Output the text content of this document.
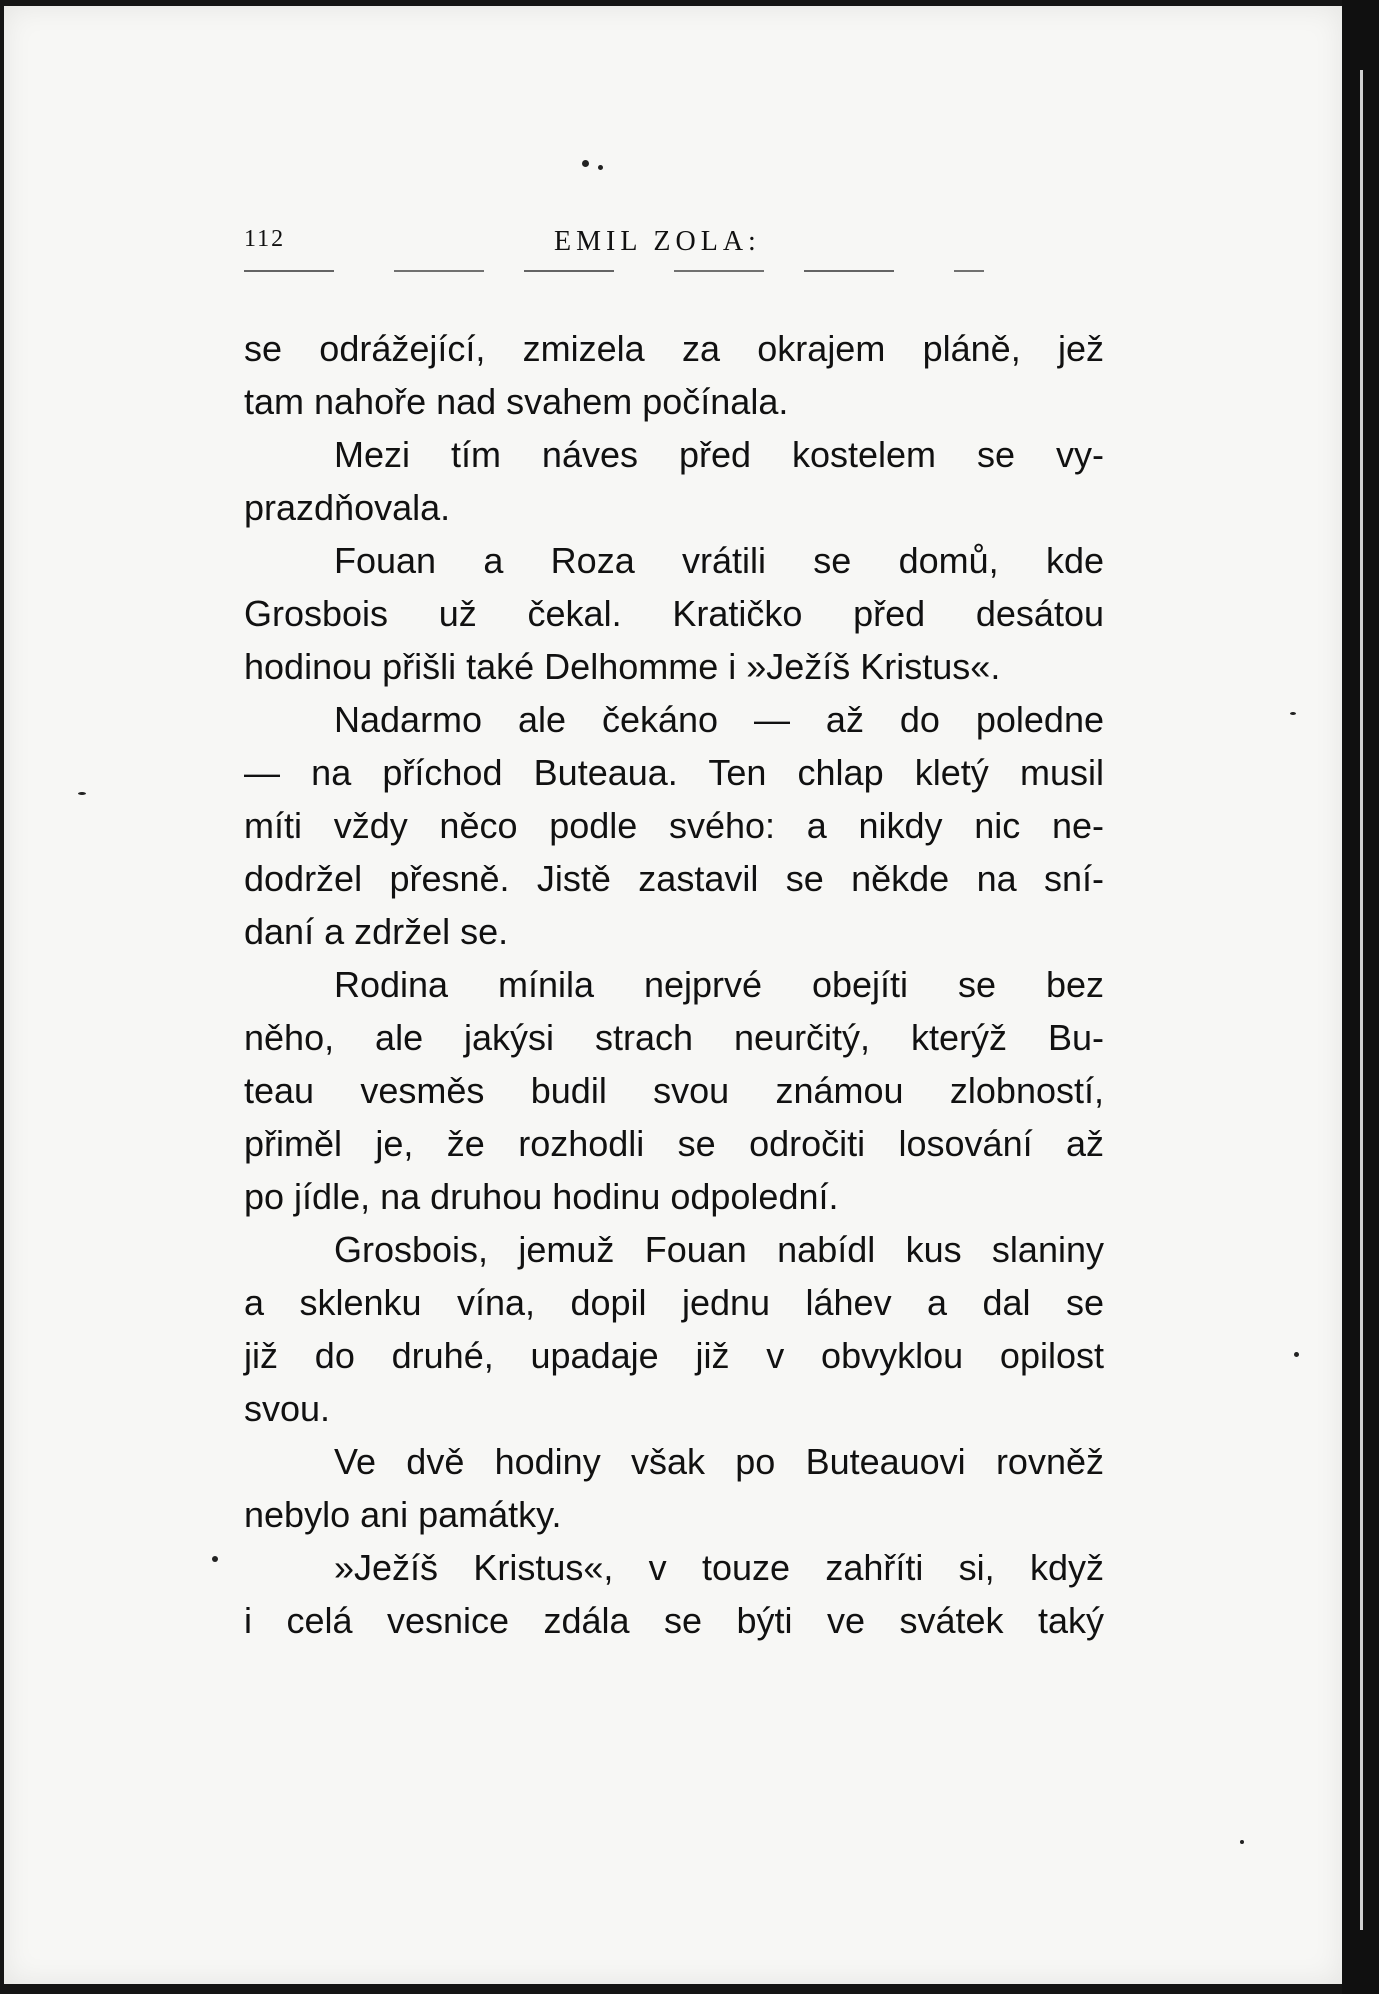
112	EMIL ZOLA:
se odrážející, zmizela za okrajem pláně, jež
tam nahoře nad svahem počínala.
Mezi tím náves před kostelem se vy-
prazdňovala.
Fouan a Roza vrátili se domů, kde
Grosbois už čekal. Kratičko před desátou
hodinou přišli také Delhomme i »Ježíš Kristus«.
Nadarmo ale čekáno — až do poledne
— na příchod Buteaua. Ten chlap kletý musil
míti vždy něco podle svého: a nikdy nic ne-
dodržel přesně. Jistě zastavil se někde na sní-
daní a zdržel se.
Rodina mínila nejprvé obejíti se bez
něho, ale jakýsi strach neurčitý, kterýž Bu-
teau vesměs budil svou známou zlobností,
přiměl je, že rozhodli se odročiti losování až
po jídle, na druhou hodinu odpolední.
Grosbois, jemuž Fouan nabídl kus slaniny
a sklenku vína, dopil jednu láhev a dal se
již do druhé, upadaje již v obvyklou opilost
svou.
Ve dvě hodiny však po Buteauovi rovněž
nebylo ani památky.
»Ježíš Kristus«, v touze zahříti si, když
i celá vesnice zdála se býti ve svátek taký
